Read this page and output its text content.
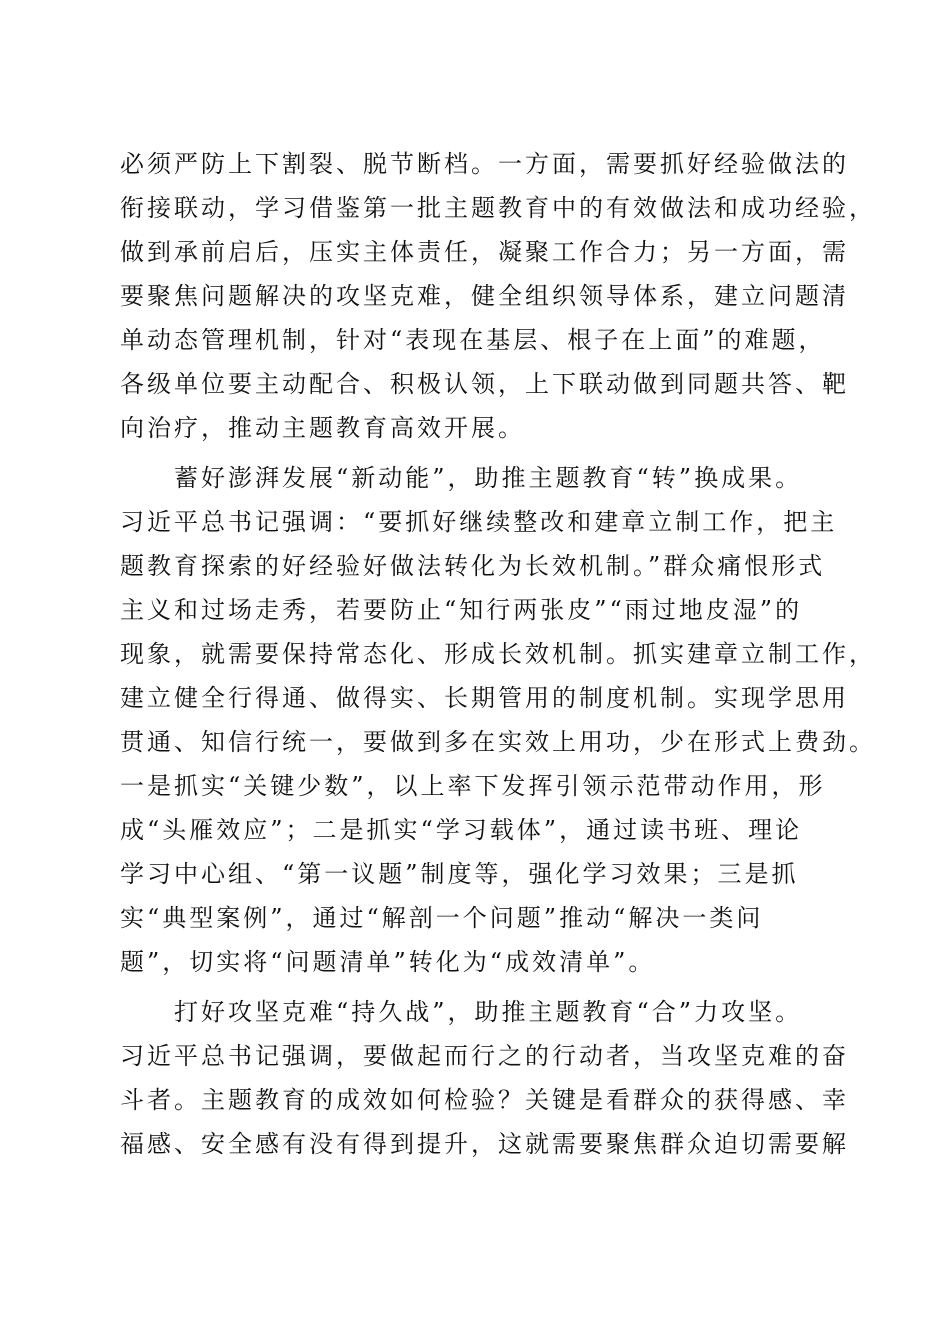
必须严防上下割裂、脱节断档。一方面，需要抓好经验做法的
衔接联动，学习借鉴第一批主题教育中的有效做法和成功经验，
做到承前启后，压实主体责任，凝聚工作合力；另一方面，需
要聚焦问题解决的攻坚克难，健全组织领导体系，建立问题清
单动态管理机制，针对“表现在基层、根子在上面”的难题，
各级单位要主动配合、积极认领，上下联动做到同题共答、靶
向治疗，推动主题教育高效开展。
蓄好澎湃发展“新动能”，助推主题教育“转”换成果。
习近平总书记强调：“要抓好继续整改和建章立制工作，把主
题教育探索的好经验好做法转化为长效机制。”群众痛恨形式
主义和过场走秀，若要防止“知行两张皮”“雨过地皮湿”的
现象，就需要保持常态化、形成长效机制。抓实建章立制工作，
建立健全行得通、做得实、长期管用的制度机制。实现学思用
贯通、知信行统一，要做到多在实效上用功，少在形式上费劲。
一是抓实“关键少数”，以上率下发挥引领示范带动作用，形
成“头雁效应”；二是抓实“学习载体”，通过读书班、理论
学习中心组、“第一议题”制度等，强化学习效果；三是抓
实“典型案例”，通过“解剖一个问题”推动“解决一类问
题”，切实将“问题清单”转化为“成效清单”。
打好攻坚克难“持久战”，助推主题教育“合”力攻坚。
习近平总书记强调，要做起而行之的行动者，当攻坚克难的奋
斗者。主题教育的成效如何检验？关键是看群众的获得感、幸
福感、安全感有没有得到提升，这就需要聚焦群众迫切需要解
